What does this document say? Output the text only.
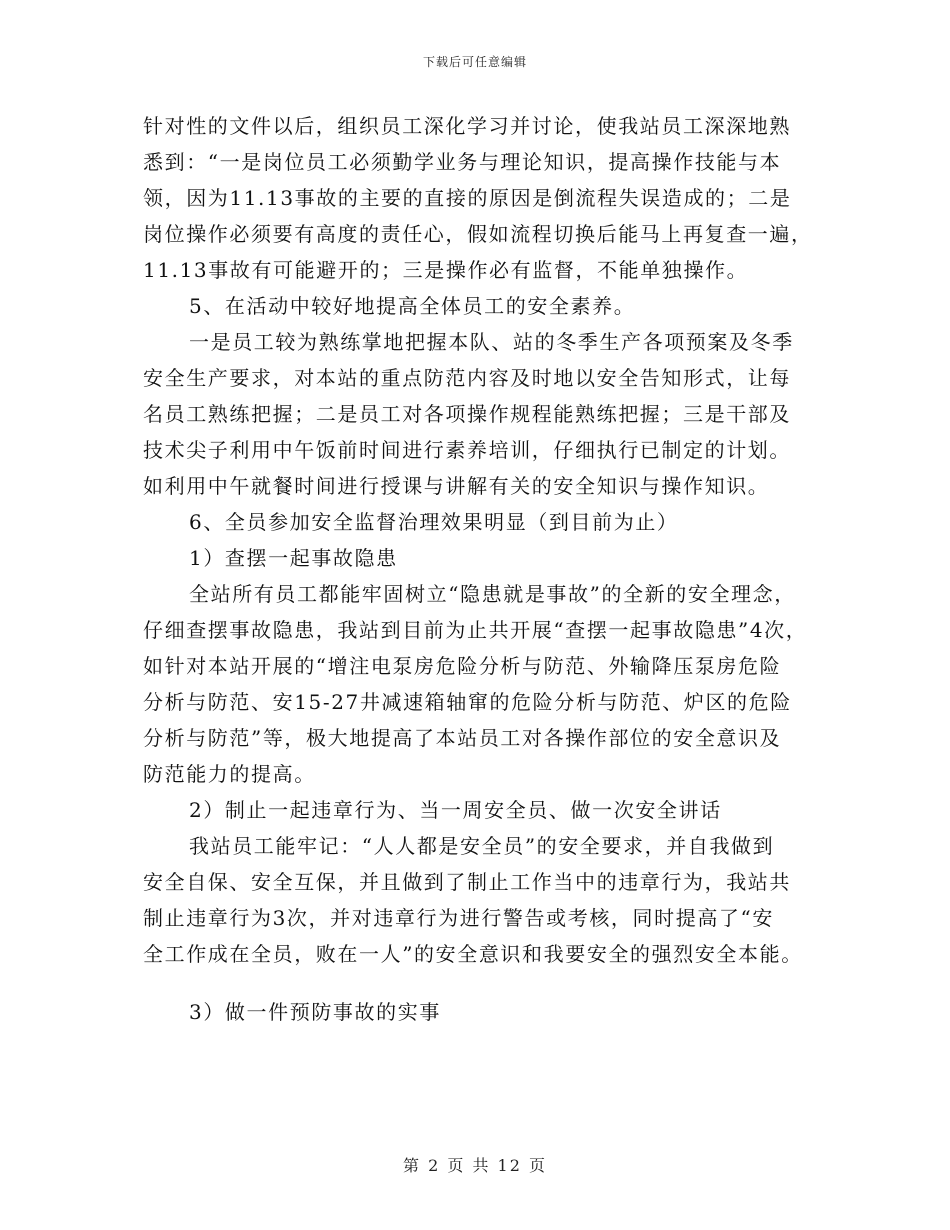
下载后可任意编辑
针对性的文件以后，组织员工深化学习并讨论，使我站员工深深地熟
悉到：“一是岗位员工必须勤学业务与理论知识，提高操作技能与本
领，因为11.13事故的主要的直接的原因是倒流程失误造成的；二是
岗位操作必须要有高度的责任心，假如流程切换后能马上再复查一遍，
11.13事故有可能避开的；三是操作必有监督，不能单独操作。
5、在活动中较好地提高全体员工的安全素养。
一是员工较为熟练掌地把握本队、站的冬季生产各项预案及冬季
安全生产要求，对本站的重点防范内容及时地以安全告知形式，让每
名员工熟练把握；二是员工对各项操作规程能熟练把握；三是干部及
技术尖子利用中午饭前时间进行素养培训，仔细执行已制定的计划。
如利用中午就餐时间进行授课与讲解有关的安全知识与操作知识。
6、全员参加安全监督治理效果明显（到目前为止）
1）查摆一起事故隐患
全站所有员工都能牢固树立“隐患就是事故”的全新的安全理念，
仔细查摆事故隐患，我站到目前为止共开展“查摆一起事故隐患”4次，
如针对本站开展的“增注电泵房危险分析与防范、外输降压泵房危险
分析与防范、安15-27井减速箱轴窜的危险分析与防范、炉区的危险
分析与防范”等，极大地提高了本站员工对各操作部位的安全意识及
防范能力的提高。
2）制止一起违章行为、当一周安全员、做一次安全讲话
我站员工能牢记：“人人都是安全员”的安全要求，并自我做到
安全自保、安全互保，并且做到了制止工作当中的违章行为，我站共
制止违章行为3次，并对违章行为进行警告或考核，同时提高了“安
全工作成在全员，败在一人”的安全意识和我要安全的强烈安全本能。
3）做一件预防事故的实事
第 2 页 共 12 页
